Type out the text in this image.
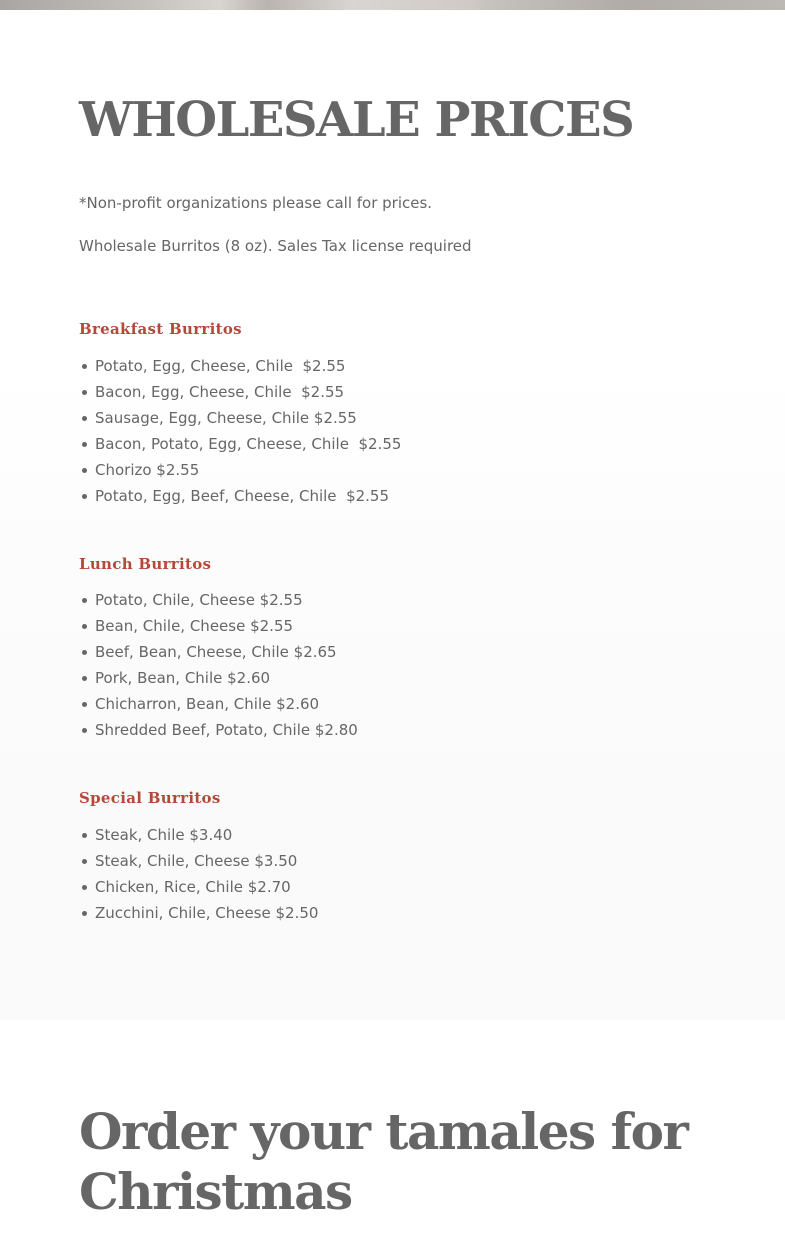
WHOLESALE PRICES

*Non-profit organizations please call for prices.

Wholesale Burritos (8 oz). Sales Tax license required

Breakfast Burritos
Potato, Egg, Cheese, Chile  $2.55
Bacon, Egg, Cheese, Chile  $2.55
Sausage, Egg, Cheese, Chile $2.55
Bacon, Potato, Egg, Cheese, Chile  $2.55
Chorizo $2.55
Potato, Egg, Beef, Cheese, Chile  $2.55
Lunch Burritos
Potato, Chile, Cheese $2.55
Bean, Chile, Cheese $2.55
Beef, Bean, Cheese, Chile $2.65
Pork, Bean, Chile $2.60
Chicharron, Bean, Chile $2.60
Shredded Beef, Potato, Chile $2.80
Special Burritos
Steak, Chile $3.40
Steak, Chile, Cheese $3.50
Chicken, Rice, Chile $2.70
Zucchini, Chile, Cheese $2.50
Order your tamales for Christmas
